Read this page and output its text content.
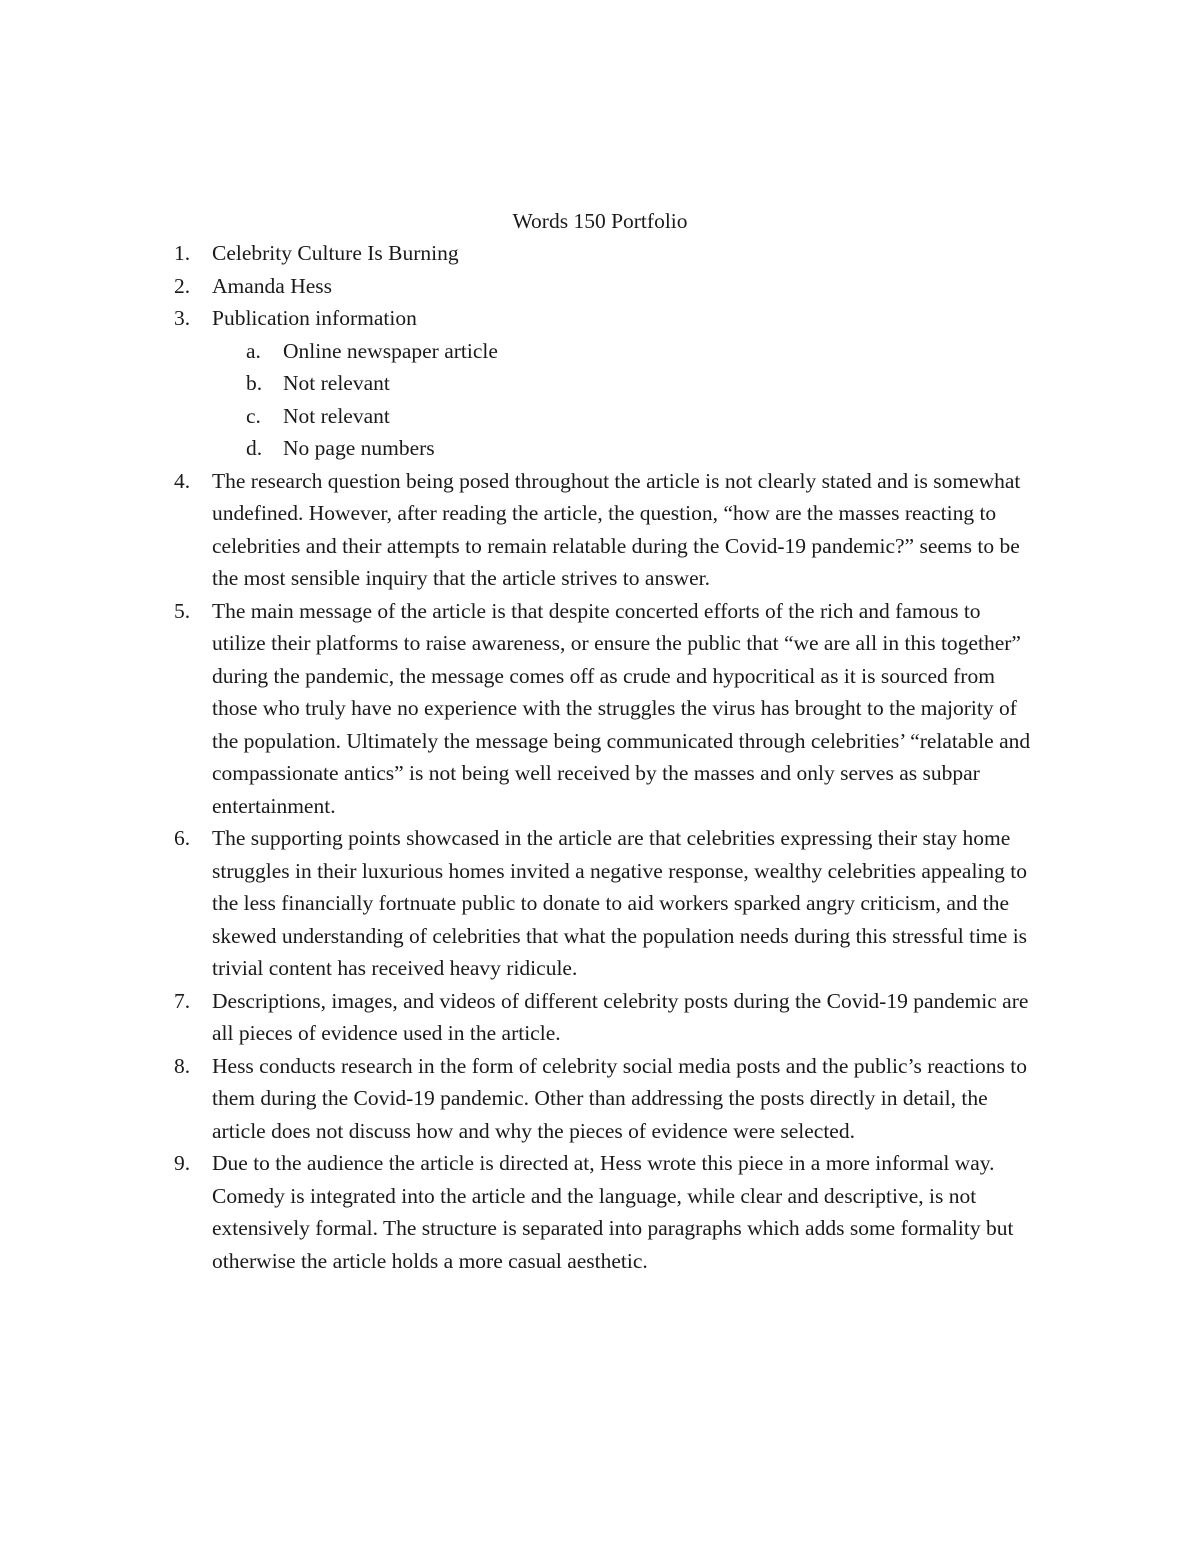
Words 150 Portfolio
1. Celebrity Culture Is Burning
2. Amanda Hess
3. Publication information
a. Online newspaper article
b. Not relevant
c. Not relevant
d. No page numbers
4. The research question being posed throughout the article is not clearly stated and is somewhat undefined. However, after reading the article, the question, “how are the masses reacting to celebrities and their attempts to remain relatable during the Covid-19 pandemic?” seems to be the most sensible inquiry that the article strives to answer.
5. The main message of the article is that despite concerted efforts of the rich and famous to utilize their platforms to raise awareness, or ensure the public that “we are all in this together” during the pandemic, the message comes off as crude and hypocritical as it is sourced from those who truly have no experience with the struggles the virus has brought to the majority of the population. Ultimately the message being communicated through celebrities’ “relatable and compassionate antics” is not being well received by the masses and only serves as subpar entertainment.
6. The supporting points showcased in the article are that celebrities expressing their stay home struggles in their luxurious homes invited a negative response, wealthy celebrities appealing to the less financially fortnuate public to donate to aid workers sparked angry criticism, and the skewed understanding of celebrities that what the population needs during this stressful time is trivial content has received heavy ridicule.
7. Descriptions, images, and videos of different celebrity posts during the Covid-19 pandemic are all pieces of evidence used in the article.
8. Hess conducts research in the form of celebrity social media posts and the public’s reactions to them during the Covid-19 pandemic. Other than addressing the posts directly in detail, the article does not discuss how and why the pieces of evidence were selected.
9. Due to the audience the article is directed at, Hess wrote this piece in a more informal way. Comedy is integrated into the article and the language, while clear and descriptive, is not extensively formal. The structure is separated into paragraphs which adds some formality but otherwise the article holds a more casual aesthetic.
